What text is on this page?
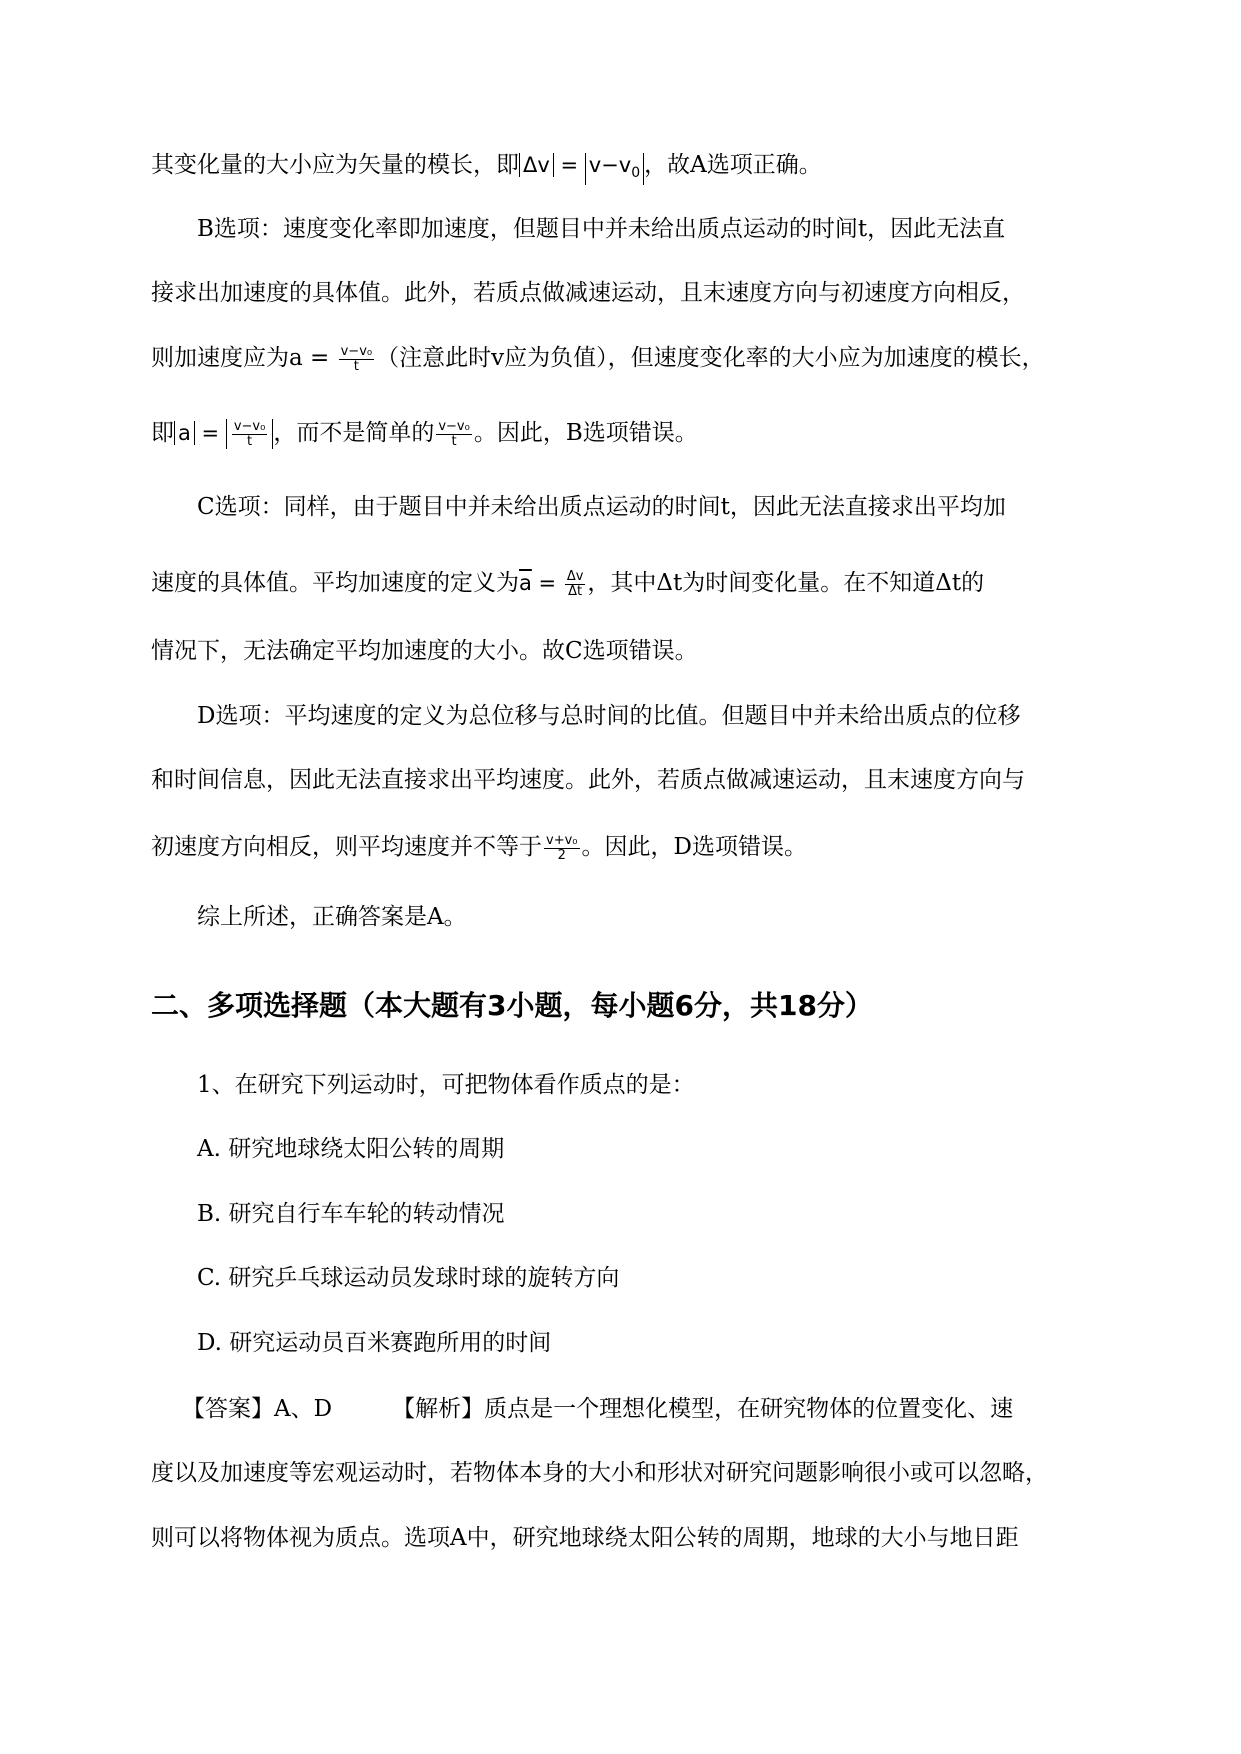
其变化量的大小应为矢量的模长，即 $\Delta v = v-v_0$ ，故A选项正确。
B选项：速度变化率即加速度，但题目中并未给出质点运动的时间t，因此无法直
接求出加速度的具体值。此外，若质点做减速运动，且末速度方向与初速度方向相反，
则加速度应为$a = \frac{\text{v−v₀}}{t}$ （注意此时v应为负值），但速度变化率的大小应为加速度的模长，
即 $a = \frac{\text{v−v₀}}{t}$ ，而不是简单的 $\frac{\text{v−v₀}}{t}$ 。因此，B选项错误。
C选项：同样，由于题目中并未给出质点运动的时间t，因此无法直接求出平均加
速度的具体值。平均加速度的定义为$\overline{a} = \frac{\Delta v}{\Delta t}$ ，其中Δt为时间变化量。在不知道Δt的
情况下，无法确定平均加速度的大小。故C选项错误。
D选项：平均速度的定义为总位移与总时间的比值。但题目中并未给出质点的位移
和时间信息，因此无法直接求出平均速度。此外，若质点做减速运动，且末速度方向与
初速度方向相反，则平均速度并不等于 $\frac{\text{v+v₀}}{2}$ 。因此，D选项错误。
综上所述，正确答案是A。
二、多项选择题（本大题有3小题，每小题6分，共18分）
1、在研究下列运动时，可把物体看作质点的是：
A. 研究地球绕太阳公转的周期
B. 研究自行车车轮的转动情况
C. 研究乒乓球运动员发球时球的旋转方向
D. 研究运动员百米赛跑所用的时间
【答案】A、D	【解析】质点是一个理想化模型，在研究物体的位置变化、速
度以及加速度等宏观运动时，若物体本身的大小和形状对研究问题影响很小或可以忽略，
则可以将物体视为质点。选项A中，研究地球绕太阳公转的周期，地球的大小与地日距
